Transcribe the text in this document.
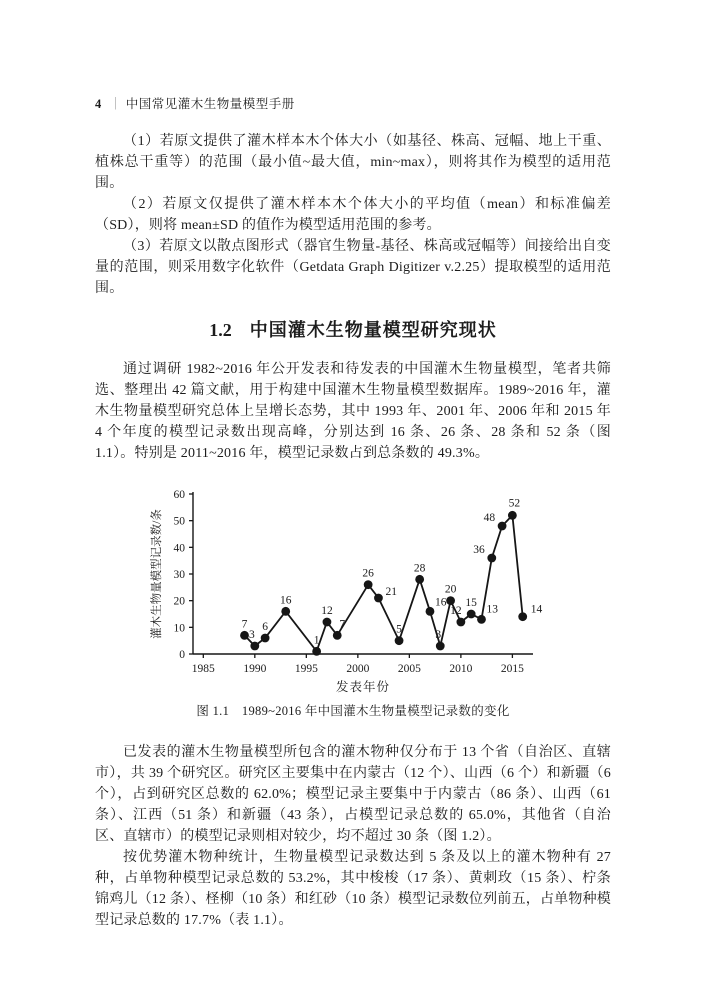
4 ｜ 中国常见灌木生物量模型手册

（1）若原文提供了灌木样本木个体大小（如基径、株高、冠幅、地上干重、植株总干重等）的范围（最小值~最大值，min~max），则将其作为模型的适用范围。

（2）若原文仅提供了灌木样本木个体大小的平均值（mean）和标准偏差（SD），则将 mean±SD 的值作为模型适用范围的参考。

（3）若原文以散点图形式（器官生物量-基径、株高或冠幅等）间接给出自变量的范围，则采用数字化软件（Getdata Graph Digitizer v.2.25）提取模型的适用范围。

1.2 中国灌木生物量模型研究现状

通过调研 1982~2016 年公开发表和待发表的中国灌木生物量模型，笔者共筛选、整理出 42 篇文献，用于构建中国灌木生物量模型数据库。1989~2016 年，灌木生物量模型研究总体上呈增长态势，其中 1993 年、2001 年、2006 年和 2015 年 4 个年度的模型记录数出现高峰，分别达到 16 条、26 条、28 条和 52 条（图 1.1）。特别是 2011~2016 年，模型记录数占到总条数的 49.3%。

1985 1990 1995 2000 2005 2010 2015
0
10
20
30
40
50
60
7
3
6
16
1
12
7
26
21
5
28
16
3
20
12
15
13
36
48
52
14
发表年份
灌木生物量模型记录数/条
图 1.1　1989~2016 年中国灌木生物量模型记录数的变化

已发表的灌木生物量模型所包含的灌木物种仅分布于 13 个省（自治区、直辖市），共 39 个研究区。研究区主要集中在内蒙古（12 个）、山西（6 个）和新疆（6 个），占到研究区总数的 62.0%；模型记录主要集中于内蒙古（86 条）、山西（61 条）、江西（51 条）和新疆（43 条），占模型记录总数的 65.0%，其他省（自治区、直辖市）的模型记录则相对较少，均不超过 30 条（图 1.2）。

按优势灌木物种统计，生物量模型记录数达到 5 条及以上的灌木物种有 27 种，占单物种模型记录总数的 53.2%，其中梭梭（17 条）、黄刺玫（15 条）、柠条锦鸡儿（12 条）、柽柳（10 条）和红砂（10 条）模型记录数位列前五，占单物种模型记录总数的 17.7%（表 1.1）。
